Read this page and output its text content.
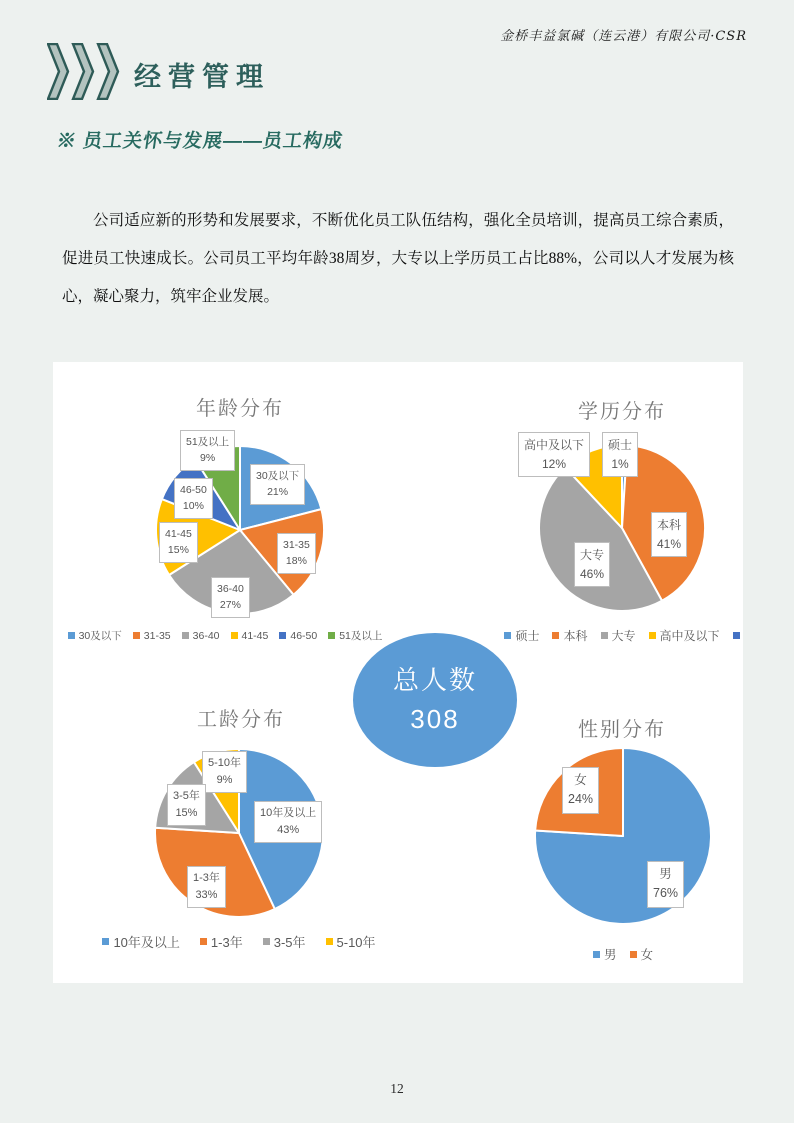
金桥丰益氯碱（连云港）有限公司·CSR
经营管理
※ 员工关怀与发展——员工构成

公司适应新的形势和发展要求，不断优化员工队伍结构，强化全员培训，提高员工综合素质，促进员工快速成长。公司员工平均年龄38周岁，大专以上学历员工占比88%，公司以人才发展为核心，凝心聚力，筑牢企业发展。

年龄分布
51及以上
9%
30及以下
21%
46-50
10%
41-45
15%	31-35
18%
36-40
27%
30及以下 31-35 36-40 41-45 46-50 51及以上
学历分布
高中及以下
12%
硕士
1%
本科
41%
大专
46%
硕士 本科 大专 高中及以下
工龄分布
5-10年
9%
3-5年
15%	10年及以上
43%
1-3年
33%
10年及以上 1-3年 3-5年 5-10年
性别分布
女
24%
男
76%
男 女
总人数
308
12
